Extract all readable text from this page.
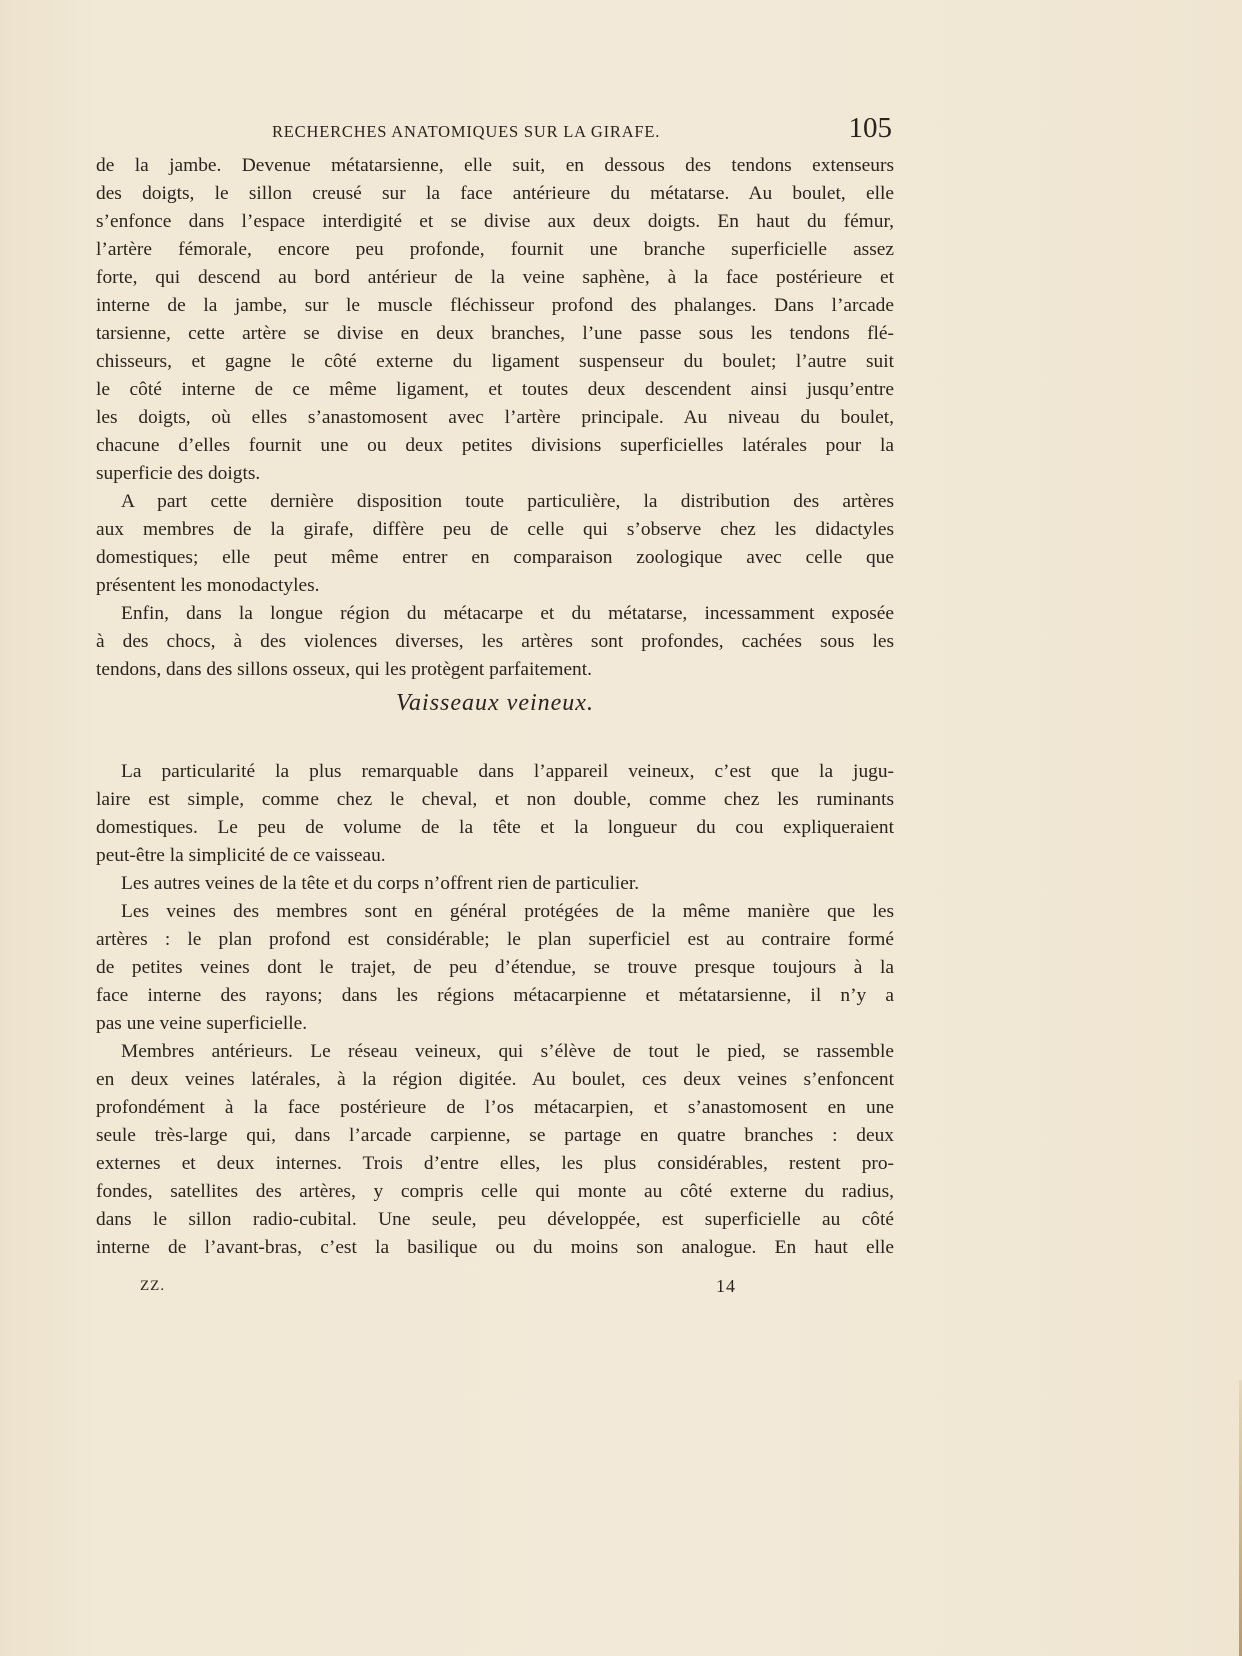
RECHERCHES ANATOMIQUES SUR LA GIRAFE.	105
de la jambe. Devenue métatarsienne, elle suit, en dessous des tendons extenseurs
des doigts, le sillon creusé sur la face antérieure du métatarse. Au boulet, elle
s’enfonce dans l’espace interdigité et se divise aux deux doigts. En haut du fémur,
l’artère fémorale, encore peu profonde, fournit une branche superficielle assez
forte, qui descend au bord antérieur de la veine saphène, à la face postérieure et
interne de la jambe, sur le muscle fléchisseur profond des phalanges. Dans l’arcade
tarsienne, cette artère se divise en deux branches, l’une passe sous les tendons flé-
chisseurs, et gagne le côté externe du ligament suspenseur du boulet; l’autre suit
le côté interne de ce même ligament, et toutes deux descendent ainsi jusqu’entre
les doigts, où elles s’anastomosent avec l’artère principale. Au niveau du boulet,
chacune d’elles fournit une ou deux petites divisions superficielles latérales pour la
superficie des doigts.
A part cette dernière disposition toute particulière, la distribution des artères
aux membres de la girafe, diffère peu de celle qui s’observe chez les didactyles
domestiques; elle peut même entrer en comparaison zoologique avec celle que
présentent les monodactyles.
Enfin, dans la longue région du métacarpe et du métatarse, incessamment exposée
à des chocs, à des violences diverses, les artères sont profondes, cachées sous les
tendons, dans des sillons osseux, qui les protègent parfaitement.
Vaisseaux veineux.
La particularité la plus remarquable dans l’appareil veineux, c’est que la jugu-
laire est simple, comme chez le cheval, et non double, comme chez les ruminants
domestiques. Le peu de volume de la tête et la longueur du cou expliqueraient
peut-être la simplicité de ce vaisseau.
Les autres veines de la tête et du corps n’offrent rien de particulier.
Les veines des membres sont en général protégées de la même manière que les
artères : le plan profond est considérable; le plan superficiel est au contraire formé
de petites veines dont le trajet, de peu d’étendue, se trouve presque toujours à la
face interne des rayons; dans les régions métacarpienne et métatarsienne, il n’y a
pas une veine superficielle.
Membres antérieurs. Le réseau veineux, qui s’élève de tout le pied, se rassemble
en deux veines latérales, à la région digitée. Au boulet, ces deux veines s’enfoncent
profondément à la face postérieure de l’os métacarpien, et s’anastomosent en une
seule très-large qui, dans l’arcade carpienne, se partage en quatre branches : deux
externes et deux internes. Trois d’entre elles, les plus considérables, restent pro-
fondes, satellites des artères, y compris celle qui monte au côté externe du radius,
dans le sillon radio-cubital. Une seule, peu développée, est superficielle au côté
interne de l’avant-bras, c’est la basilique ou du moins son analogue. En haut elle
ZZ.	14
